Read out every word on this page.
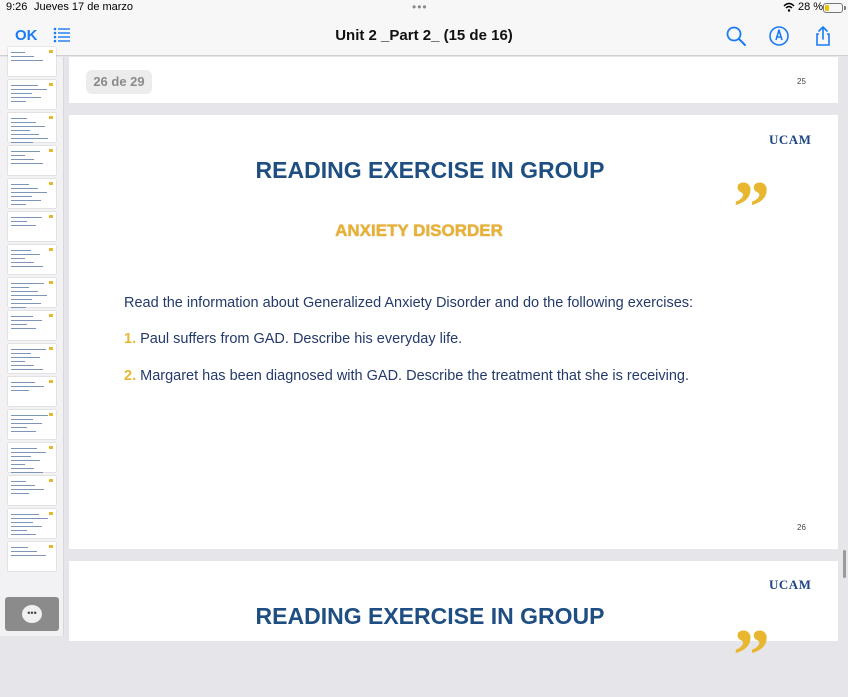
9:26 Jueves 17 de marzo	•••	28 %
OK	Unit 2 _Part 2_ (15 de 16)
•••
26 de 29	25
UCAM
READING EXERCISE IN GROUP	”
ANXIETY DISORDER
Read the information about Generalized Anxiety Disorder and do the following exercises:
1. Paul suffers from GAD. Describe his everyday life.
2. Margaret has been diagnosed with GAD. Describe the treatment that she is receiving.
26
UCAM
READING EXERCISE IN GROUP	”
